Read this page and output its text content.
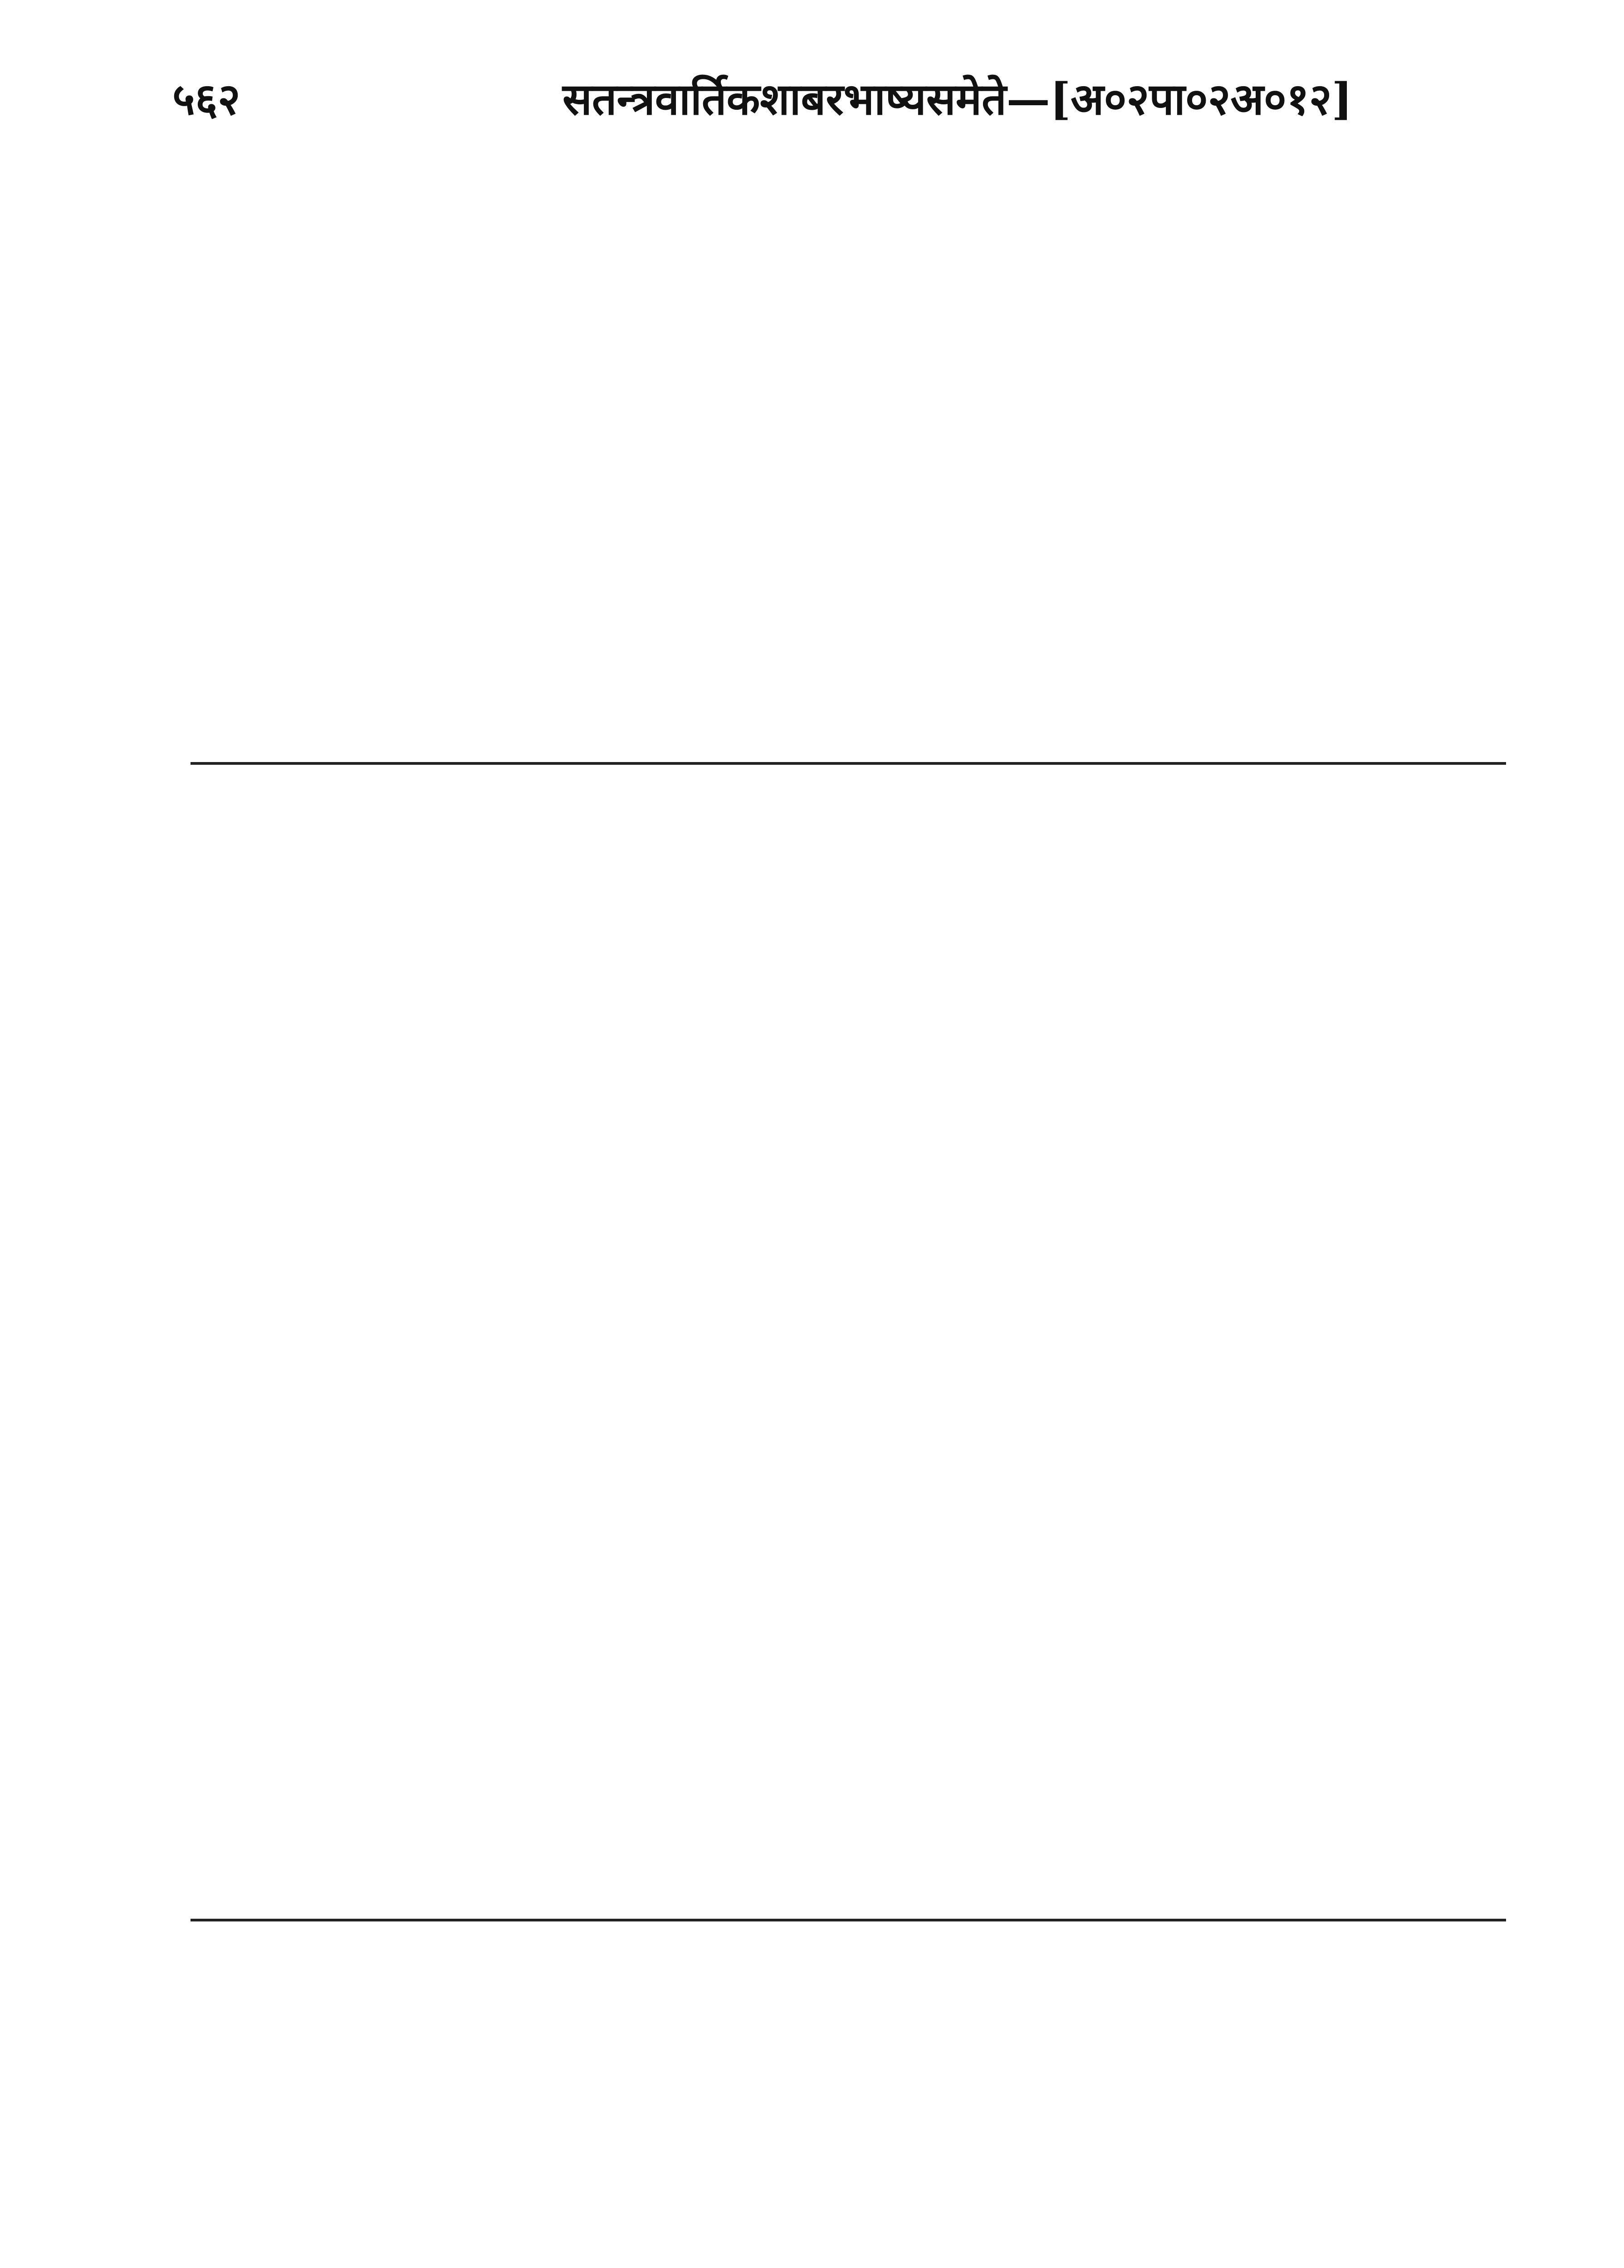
५६२	सतन्त्रवार्तिकशाबरभाष्यसमेते—[अ०२पा०२अ०१२]
